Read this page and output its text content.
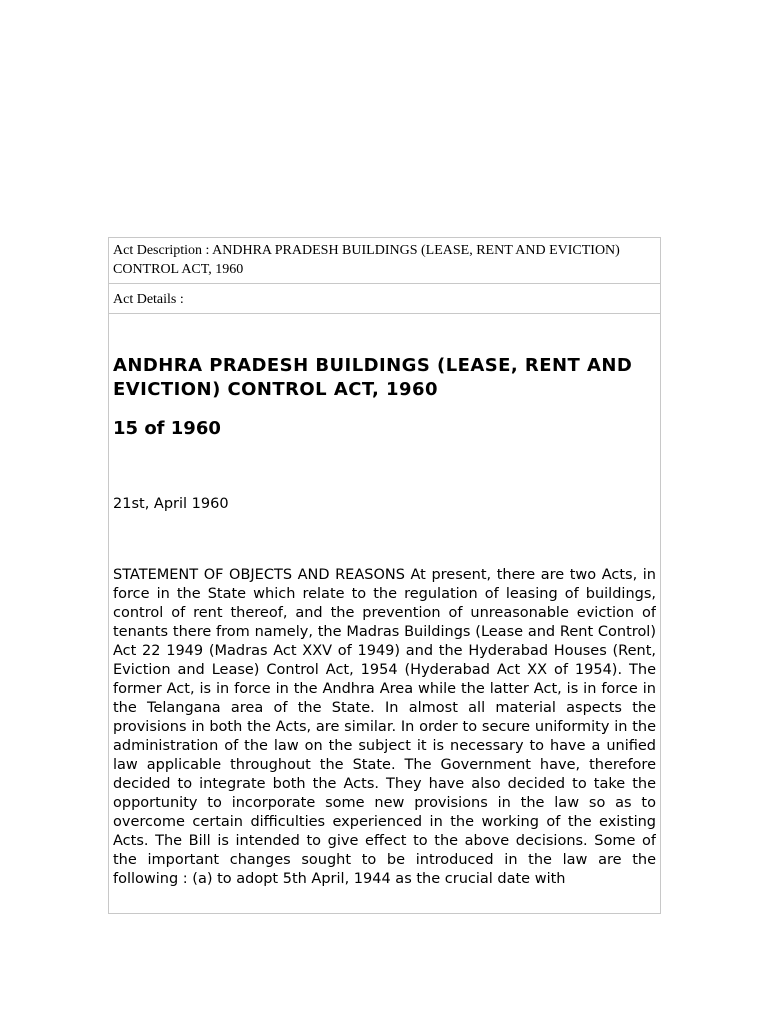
Act Description : ANDHRA PRADESH BUILDINGS (LEASE, RENT AND EVICTION) CONTROL ACT, 1960
Act Details :
ANDHRA PRADESH BUILDINGS (LEASE, RENT AND EVICTION) CONTROL ACT, 1960
15 of 1960
21st, April 1960
STATEMENT OF OBJECTS AND REASONS At present, there are two Acts, in force in the State which relate to the regulation of leasing of buildings, control of rent thereof, and the prevention of unreasonable eviction of tenants there from namely, the Madras Buildings (Lease and Rent Control) Act 22 1949 (Madras Act XXV of 1949) and the Hyderabad Houses (Rent, Eviction and Lease) Control Act, 1954 (Hyderabad Act XX of 1954). The former Act, is in force in the Andhra Area while the latter Act, is in force in the Telangana area of the State. In almost all material aspects the provisions in both the Acts, are similar. In order to secure uniformity in the administration of the law on the subject it is necessary to have a unified law applicable throughout the State. The Government have, therefore decided to integrate both the Acts. They have also decided to take the opportunity to incorporate some new provisions in the law so as to overcome certain difficulties experienced in the working of the existing Acts. The Bill is intended to give effect to the above decisions. Some of the important changes sought to be introduced in the law are the following : (a) to adopt 5th April, 1944 as the crucial date with
